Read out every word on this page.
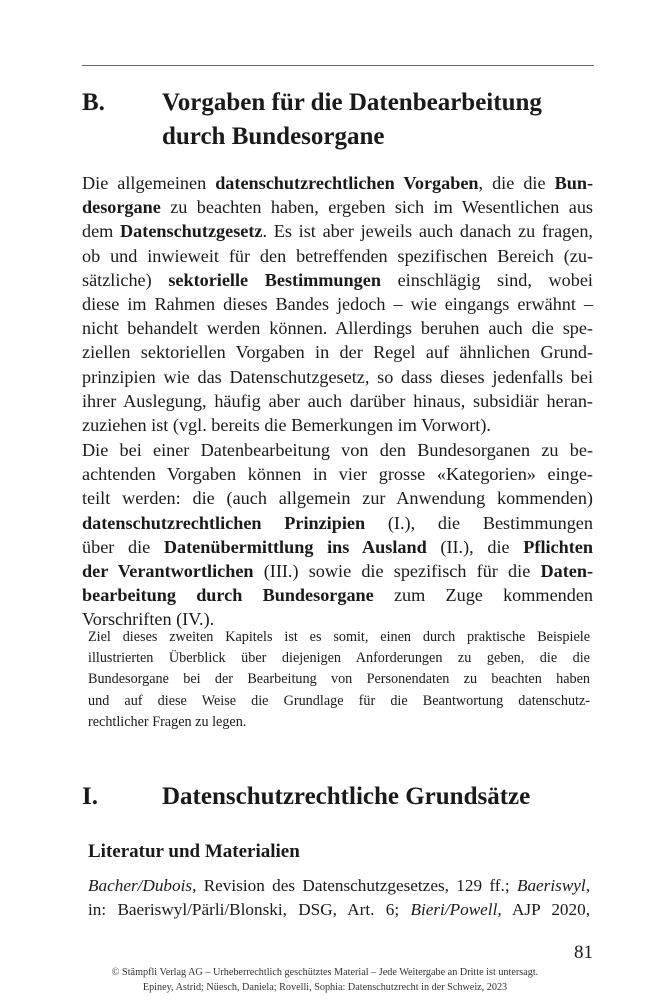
B. Vorgaben für die Datenbearbeitung
durch Bundesorgane
Die allgemeinen datenschutzrechtlichen Vorgaben, die die Bun-
desorgane zu beachten haben, ergeben sich im Wesentlichen aus
dem Datenschutzgesetz. Es ist aber jeweils auch danach zu fragen,
ob und inwieweit für den betreffenden spezifischen Bereich (zu-
sätzliche) sektorielle Bestimmungen einschlägig sind, wobei
diese im Rahmen dieses Bandes jedoch – wie eingangs erwähnt –
nicht behandelt werden können. Allerdings beruhen auch die spe-
ziellen sektoriellen Vorgaben in der Regel auf ähnlichen Grund-
prinzipien wie das Datenschutzgesetz, so dass dieses jedenfalls bei
ihrer Auslegung, häufig aber auch darüber hinaus, subsidiär heran-
zuziehen ist (vgl. bereits die Bemerkungen im Vorwort).
Die bei einer Datenbearbeitung von den Bundesorganen zu be-
achtenden Vorgaben können in vier grosse «Kategorien» einge-
teilt werden: die (auch allgemein zur Anwendung kommenden)
datenschutzrechtlichen Prinzipien (I.), die Bestimmungen
über die Datenübermittlung ins Ausland (II.), die Pflichten
der Verantwortlichen (III.) sowie die spezifisch für die Daten-
bearbeitung durch Bundesorgane zum Zuge kommenden
Vorschriften (IV.).
Ziel dieses zweiten Kapitels ist es somit, einen durch praktische Beispiele
illustrierten Überblick über diejenigen Anforderungen zu geben, die die
Bundesorgane bei der Bearbeitung von Personendaten zu beachten haben
und auf diese Weise die Grundlage für die Beantwortung datenschutz-
rechtlicher Fragen zu legen.
I.	Datenschutzrechtliche Grundsätze
Literatur und Materialien
Bacher/Dubois, Revision des Datenschutzgesetzes, 129 ff.; Baeriswyl,
in: Baeriswyl/Pärli/Blonski, DSG, Art. 6; Bieri/Powell, AJP 2020,
81
© Stämpfli Verlag AG – Urheberrechtlich geschütztes Material – Jede Weitergabe an Dritte ist untersagt.
Epiney, Astrid; Nüesch, Daniela; Rovelli, Sophia: Datenschutzrecht in der Schweiz, 2023
